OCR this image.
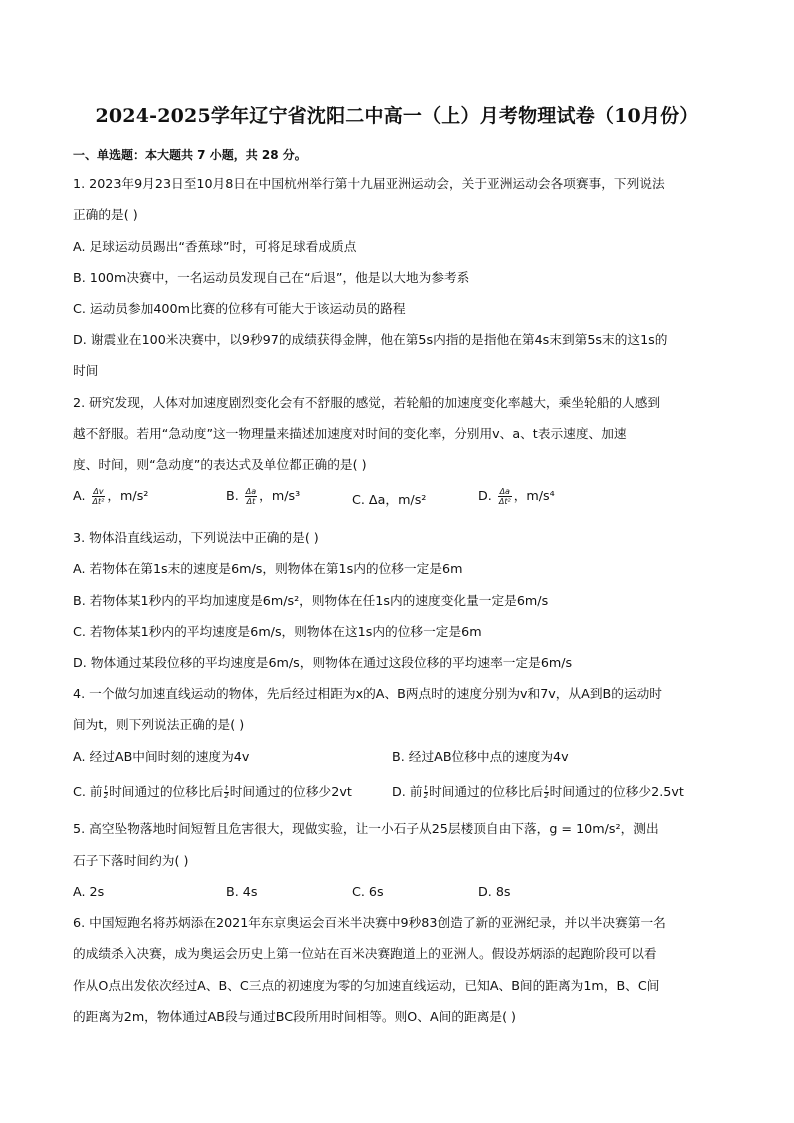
2024-2025学年辽宁省沈阳二中高一（上）月考物理试卷（10月份）
一、单选题：本大题共 7 小题，共 28 分。
1. 2023年9月23日至10月8日在中国杭州举行第十九届亚洲运动会，关于亚洲运动会各项赛事，下列说法
正确的是( )
A. 足球运动员踢出“香蕉球”时，可将足球看成质点
B. 100m决赛中，一名运动员发现自己在“后退”，他是以大地为参考系
C. 运动员参加400m比赛的位移有可能大于该运动员的路程
D. 谢震业在100米决赛中，以9秒97的成绩获得金牌，他在第5s内指的是指他在第4s末到第5s末的这1s的
时间
2. 研究发现，人体对加速度剧烈变化会有不舒服的感觉，若轮船的加速度变化率越大，乘坐轮船的人感到
越不舒服。若用“急动度”这一物理量来描述加速度对时间的变化率，分别用v、a、t表示速度、加速
度、时间，则“急动度”的表达式及单位都正确的是( )
A. $\frac{\Delta v}{\text{Δt²}}$ ，m/s²	B. $\frac{\Delta a}{\Delta t}$ ，m/s³	C. Δa，m/s²	D. $\frac{\Delta a}{\text{Δt²}}$ ，m/s⁴
3. 物体沿直线运动，下列说法中正确的是( )
A. 若物体在第1s末的速度是6m/s，则物体在第1s内的位移一定是6m
B. 若物体某1秒内的平均加速度是6m/s²，则物体在任1s内的速度变化量一定是6m/s
C. 若物体某1秒内的平均速度是6m/s，则物体在这1s内的位移一定是6m
D. 物体通过某段位移的平均速度是6m/s，则物体在通过这段位移的平均速率一定是6m/s
4. 一个做匀加速直线运动的物体，先后经过相距为x的A、B两点时的速度分别为v和7v，从A到B的运动时
间为t，则下列说法正确的是( )
A. 经过AB中间时刻的速度为4v	B. 经过AB位移中点的速度为4v
C. 前 $\frac{t}{2}$ 时间通过的位移比后 $\frac{t}{2}$ 时间通过的位移少2vt	D. 前 $\frac{t}{2}$ 时间通过的位移比后 $\frac{t}{2}$ 时间通过的位移少2.5vt
5. 高空坠物落地时间短暂且危害很大，现做实验，让一小石子从25层楼顶自由下落，g = 10m/s²，测出
石子下落时间约为( )
A. 2s	B. 4s	C. 6s	D. 8s
6. 中国短跑名将苏炳添在2021年东京奥运会百米半决赛中9秒83创造了新的亚洲纪录，并以半决赛第一名
的成绩杀入决赛，成为奥运会历史上第一位站在百米决赛跑道上的亚洲人。假设苏炳添的起跑阶段可以看
作从O点出发依次经过A、B、C三点的初速度为零的匀加速直线运动，已知A、B间的距离为1m，B、C间
的距离为2m，物体通过AB段与通过BC段所用时间相等。则O、A间的距离是( )
